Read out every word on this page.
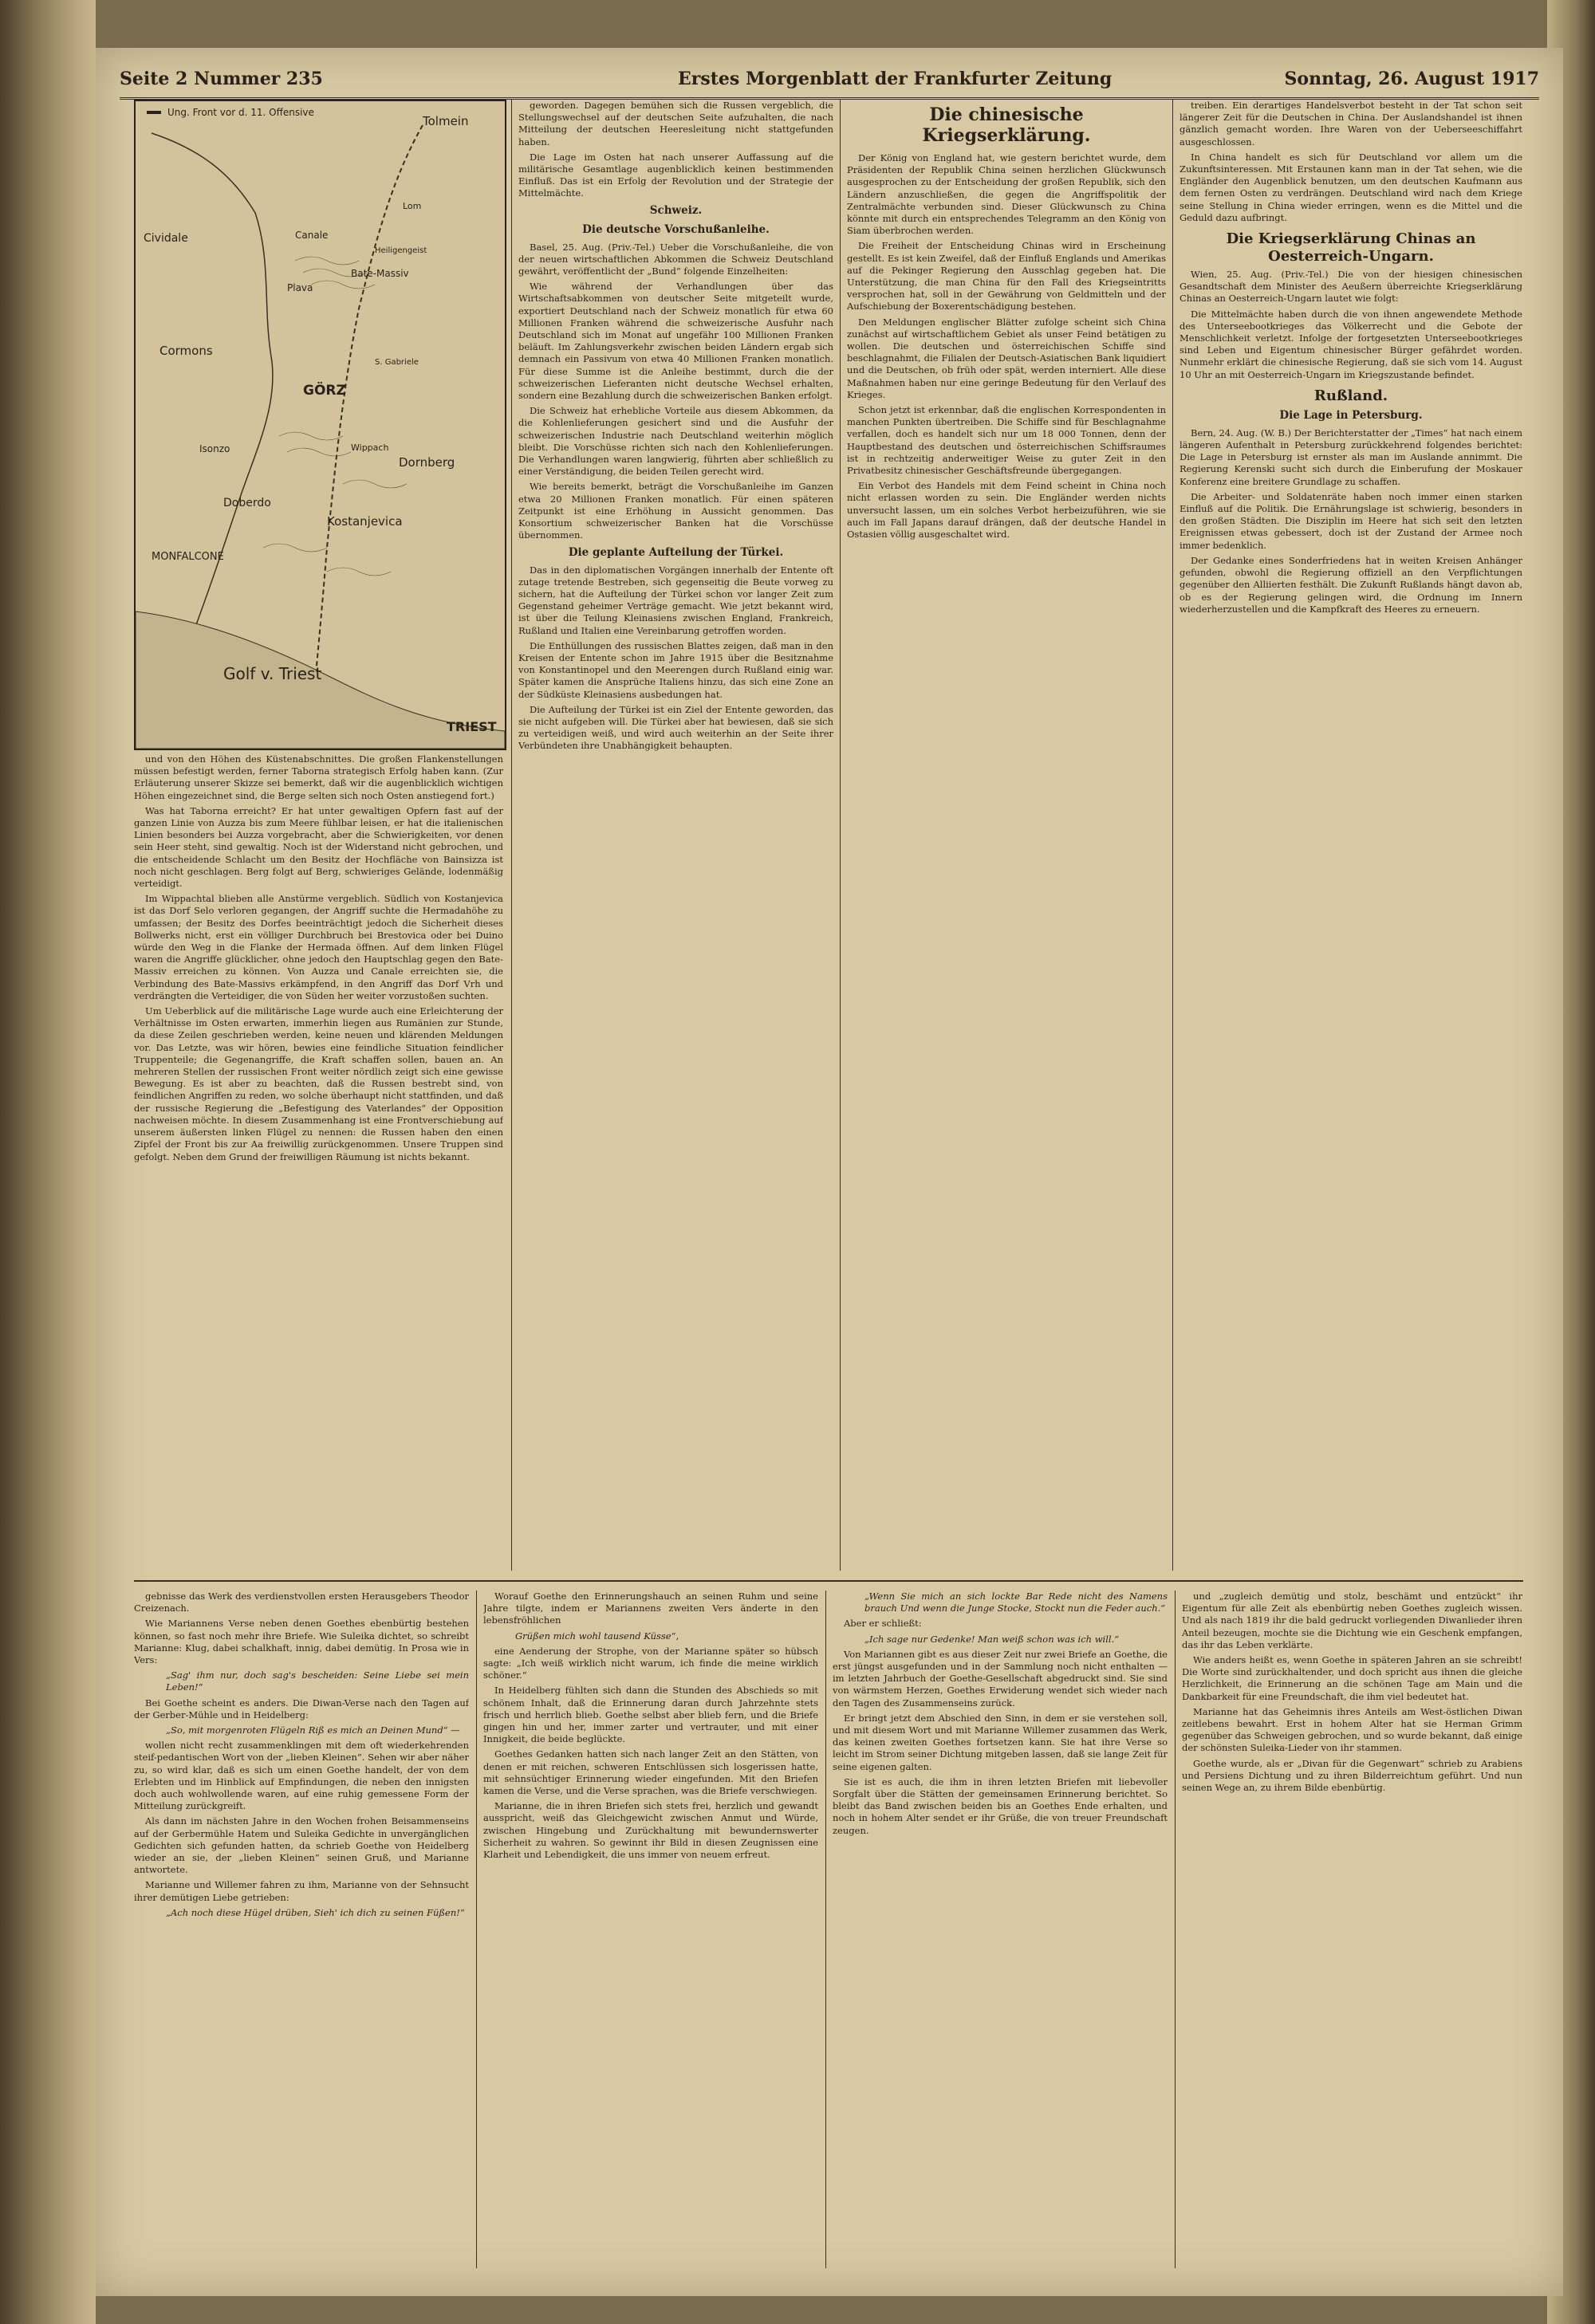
Seite 2 Nummer 235	Erstes Morgenblatt der Frankfurter Zeitung	Sonntag, 26. August 1917
Ung. Front vor d. 11. Offensive
Tolmein
Cividale	Canale
Plava
Bate-Massiv
Cormons
GÖRZ
Dornberg
Doberdo
Kostanjevica
MONFALCONE
Golf v. Triest
TRIEST
Isonzo	Wippach
Heiligengeist
S. Gabriele
Lom

und von den Höhen des Küstenabschnittes. Die großen Flankenstellungen müssen befestigt werden, ferner Taborna strategisch Erfolg haben kann. (Zur Erläuterung unserer Skizze sei bemerkt, daß wir die augenblicklich wichtigen Höhen eingezeichnet sind, die Berge selten sich noch Osten anstiegend fort.)

Was hat Taborna erreicht? Er hat unter gewaltigen Opfern fast auf der ganzen Linie von Auzza bis zum Meere fühlbar leisen, er hat die italienischen Linien besonders bei Auzza vorgebracht, aber die Schwierigkeiten, vor denen sein Heer steht, sind gewaltig. Noch ist der Widerstand nicht gebrochen, und die entscheidende Schlacht um den Besitz der Hochfläche von Bainsizza ist noch nicht geschlagen. Berg folgt auf Berg, schwieriges Gelände, lodenmäßig verteidigt.

Im Wippachtal blieben alle Anstürme vergeblich. Südlich von Kostanjevica ist das Dorf Selo verloren gegangen, der Angriff suchte die Hermadahöhe zu umfassen; der Besitz des Dorfes beeinträchtigt jedoch die Sicherheit dieses Bollwerks nicht, erst ein völliger Durchbruch bei Brestovica oder bei Duino würde den Weg in die Flanke der Hermada öffnen. Auf dem linken Flügel waren die Angriffe glücklicher, ohne jedoch den Hauptschlag gegen den Bate-Massiv erreichen zu können. Von Auzza und Canale erreichten sie, die Verbindung des Bate-Massivs erkämpfend, in den Angriff das Dorf Vrh und verdrängten die Verteidiger, die von Süden her weiter vorzustoßen suchten.

Um Ueberblick auf die militärische Lage wurde auch eine Erleichterung der Verhältnisse im Osten erwarten, immerhin liegen aus Rumänien zur Stunde, da diese Zeilen geschrieben werden, keine neuen und klärenden Meldungen vor. Das Letzte, was wir hören, bewies eine feindliche Situation feindlicher Truppenteile; die Gegenangriffe, die Kraft schaffen sollen, bauen an. An mehreren Stellen der russischen Front weiter nördlich zeigt sich eine gewisse Bewegung. Es ist aber zu beachten, daß die Russen bestrebt sind, von feindlichen Angriffen zu reden, wo solche überhaupt nicht stattfinden, und daß der russische Regierung die „Befestigung des Vaterlandes“ der Opposition nachweisen möchte. In diesem Zusammenhang ist eine Frontverschiebung auf unserem äußersten linken Flügel zu nennen: die Russen haben den einen Zipfel der Front bis zur Aa freiwillig zurückgenommen. Unsere Truppen sind gefolgt. Neben dem Grund der freiwilligen Räumung ist nichts bekannt.

geworden. Dagegen bemühen sich die Russen vergeblich, die Stellungswechsel auf der deutschen Seite aufzuhalten, die nach Mitteilung der deutschen Heeresleitung nicht stattgefunden haben.

Die Lage im Osten hat nach unserer Auffassung auf die militärische Gesamtlage augenblicklich keinen bestimmenden Einfluß. Das ist ein Erfolg der Revolution und der Strategie der Mittelmächte.

Schweiz.
Die deutsche Vorschußanleihe.

Basel, 25. Aug. (Priv.-Tel.) Ueber die Vorschußanleihe, die von der neuen wirtschaftlichen Abkommen die Schweiz Deutschland gewährt, veröffentlicht der „Bund“ folgende Einzelheiten:

Wie während der Verhandlungen über das Wirtschaftsabkommen von deutscher Seite mitgeteilt wurde, exportiert Deutschland nach der Schweiz monatlich für etwa 60 Millionen Franken während die schweizerische Ausfuhr nach Deutschland sich im Monat auf ungefähr 100 Millionen Franken beläuft. Im Zahlungsverkehr zwischen beiden Ländern ergab sich demnach ein Passivum von etwa 40 Millionen Franken monatlich. Für diese Summe ist die Anleihe bestimmt, durch die der schweizerischen Lieferanten nicht deutsche Wechsel erhalten, sondern eine Bezahlung durch die schweizerischen Banken erfolgt.

Die Schweiz hat erhebliche Vorteile aus diesem Abkommen, da die Kohlenlieferungen gesichert sind und die Ausfuhr der schweizerischen Industrie nach Deutschland weiterhin möglich bleibt. Die Vorschüsse richten sich nach den Kohlenlieferungen. Die Verhandlungen waren langwierig, führten aber schließlich zu einer Verständigung, die beiden Teilen gerecht wird.

Wie bereits bemerkt, beträgt die Vorschußanleihe im Ganzen etwa 20 Millionen Franken monatlich. Für einen späteren Zeitpunkt ist eine Erhöhung in Aussicht genommen. Das Konsortium schweizerischer Banken hat die Vorschüsse übernommen.

Die geplante Aufteilung der Türkei.

Das in den diplomatischen Vorgängen innerhalb der Entente oft zutage tretende Bestreben, sich gegenseitig die Beute vorweg zu sichern, hat die Aufteilung der Türkei schon vor langer Zeit zum Gegenstand geheimer Verträge gemacht. Wie jetzt bekannt wird, ist über die Teilung Kleinasiens zwischen England, Frankreich, Rußland und Italien eine Vereinbarung getroffen worden.

Die Enthüllungen des russischen Blattes zeigen, daß man in den Kreisen der Entente schon im Jahre 1915 über die Besitznahme von Konstantinopel und den Meerengen durch Rußland einig war. Später kamen die Ansprüche Italiens hinzu, das sich eine Zone an der Südküste Kleinasiens ausbedungen hat.

Die Aufteilung der Türkei ist ein Ziel der Entente geworden, das sie nicht aufgeben will. Die Türkei aber hat bewiesen, daß sie sich zu verteidigen weiß, und wird auch weiterhin an der Seite ihrer Verbündeten ihre Unabhängigkeit behaupten.

Die chinesische Kriegserklärung.

Der König von England hat, wie gestern berichtet wurde, dem Präsidenten der Republik China seinen herzlichen Glückwunsch ausgesprochen zu der Entscheidung der großen Republik, sich den Ländern anzuschließen, die gegen die Angriffspolitik der Zentralmächte verbunden sind. Dieser Glückwunsch zu China könnte mit durch ein entsprechendes Telegramm an den König von Siam überbrochen werden.

Die Freiheit der Entscheidung Chinas wird in Erscheinung gestellt. Es ist kein Zweifel, daß der Einfluß Englands und Amerikas auf die Pekinger Regierung den Ausschlag gegeben hat. Die Unterstützung, die man China für den Fall des Kriegseintritts versprochen hat, soll in der Gewährung von Geldmitteln und der Aufschiebung der Boxerentschädigung bestehen.

Den Meldungen englischer Blätter zufolge scheint sich China zunächst auf wirtschaftlichem Gebiet als unser Feind betätigen zu wollen. Die deutschen und österreichischen Schiffe sind beschlagnahmt, die Filialen der Deutsch-Asiatischen Bank liquidiert und die Deutschen, ob früh oder spät, werden interniert. Alle diese Maßnahmen haben nur eine geringe Bedeutung für den Verlauf des Krieges.

Schon jetzt ist erkennbar, daß die englischen Korrespondenten in manchen Punkten übertreiben. Die Schiffe sind für Beschlagnahme verfallen, doch es handelt sich nur um 18 000 Tonnen, denn der Hauptbestand des deutschen und österreichischen Schiffsraumes ist in rechtzeitig anderweitiger Weise zu guter Zeit in den Privatbesitz chinesischer Geschäftsfreunde übergegangen.

Ein Verbot des Handels mit dem Feind scheint in China noch nicht erlassen worden zu sein. Die Engländer werden nichts unversucht lassen, um ein solches Verbot herbeizuführen, wie sie auch im Fall Japans darauf drängen, daß der deutsche Handel in Ostasien völlig ausgeschaltet wird.

treiben. Ein derartiges Handelsverbot besteht in der Tat schon seit längerer Zeit für die Deutschen in China. Der Auslandshandel ist ihnen gänzlich gemacht worden. Ihre Waren von der Ueberseeschiffahrt ausgeschlossen.

In China handelt es sich für Deutschland vor allem um die Zukunftsinteressen. Mit Erstaunen kann man in der Tat sehen, wie die Engländer den Augenblick benutzen, um den deutschen Kaufmann aus dem fernen Osten zu verdrängen. Deutschland wird nach dem Kriege seine Stellung in China wieder erringen, wenn es die Mittel und die Geduld dazu aufbringt.

Die Kriegserklärung Chinas an Oesterreich-Ungarn.

Wien, 25. Aug. (Priv.-Tel.) Die von der hiesigen chinesischen Gesandtschaft dem Minister des Aeußern überreichte Kriegserklärung Chinas an Oesterreich-Ungarn lautet wie folgt:

Die Mittelmächte haben durch die von ihnen angewendete Methode des Unterseebootkrieges das Völkerrecht und die Gebote der Menschlichkeit verletzt. Infolge der fortgesetzten Unterseebootkrieges sind Leben und Eigentum chinesischer Bürger gefährdet worden. Nunmehr erklärt die chinesische Regierung, daß sie sich vom 14. August 10 Uhr an mit Oesterreich-Ungarn im Kriegszustande befindet.

Rußland.
Die Lage in Petersburg.

Bern, 24. Aug. (W. B.) Der Berichterstatter der „Times“ hat nach einem längeren Aufenthalt in Petersburg zurückkehrend folgendes berichtet: Die Lage in Petersburg ist ernster als man im Auslande annimmt. Die Regierung Kerenski sucht sich durch die Einberufung der Moskauer Konferenz eine breitere Grundlage zu schaffen.

Die Arbeiter- und Soldatenräte haben noch immer einen starken Einfluß auf die Politik. Die Ernährungslage ist schwierig, besonders in den großen Städten. Die Disziplin im Heere hat sich seit den letzten Ereignissen etwas gebessert, doch ist der Zustand der Armee noch immer bedenklich.

Der Gedanke eines Sonderfriedens hat in weiten Kreisen Anhänger gefunden, obwohl die Regierung offiziell an den Verpflichtungen gegenüber den Alliierten festhält. Die Zukunft Rußlands hängt davon ab, ob es der Regierung gelingen wird, die Ordnung im Innern wiederherzustellen und die Kampfkraft des Heeres zu erneuern.

gebnisse das Werk des verdienstvollen ersten Herausgebers Theodor Creizenach.

Wie Mariannens Verse neben denen Goethes ebenbürtig bestehen können, so fast noch mehr ihre Briefe. Wie Suleika dichtet, so schreibt Marianne: Klug, dabei schalkhaft, innig, dabei demütig. In Prosa wie in Vers:

„Sag' ihm nur, doch sag's bescheiden: Seine Liebe sei mein Leben!“

Bei Goethe scheint es anders. Die Diwan-Verse nach den Tagen auf der Gerber-Mühle und in Heidelberg:

„So, mit morgenroten Flügeln Riß es mich an Deinen Mund“ —

wollen nicht recht zusammenklingen mit dem oft wiederkehrenden steif-pedantischen Wort von der „lieben Kleinen“. Sehen wir aber näher zu, so wird klar, daß es sich um einen Goethe handelt, der von dem Erlebten und im Hinblick auf Empfindungen, die neben den innigsten doch auch wohlwollende waren, auf eine ruhig gemessene Form der Mitteilung zurückgreift.

Als dann im nächsten Jahre in den Wochen frohen Beisammenseins auf der Gerbermühle Hatem und Suleika Gedichte in unvergänglichen Gedichten sich gefunden hatten, da schrieb Goethe von Heidelberg wieder an sie, der „lieben Kleinen“ seinen Gruß, und Marianne antwortete.

Marianne und Willemer fahren zu ihm, Marianne von der Sehnsucht ihrer demütigen Liebe getrieben:

„Ach noch diese Hügel drüben, Sieh' ich dich zu seinen Füßen!“

Worauf Goethe den Erinnerungshauch an seinen Ruhm und seine Jahre tilgte, indem er Mariannens zweiten Vers änderte in den lebensfröhlichen

Grüßen mich wohl tausend Küsse“,

eine Aenderung der Strophe, von der Marianne später so hübsch sagte: „Ich weiß wirklich nicht warum, ich finde die meine wirklich schöner.“

In Heidelberg fühlten sich dann die Stunden des Abschieds so mit schönem Inhalt, daß die Erinnerung daran durch Jahrzehnte stets frisch und herrlich blieb. Goethe selbst aber blieb fern, und die Briefe gingen hin und her, immer zarter und vertrauter, und mit einer Innigkeit, die beide beglückte.

Goethes Gedanken hatten sich nach langer Zeit an den Stätten, von denen er mit reichen, schweren Entschlüssen sich losgerissen hatte, mit sehnsüchtiger Erinnerung wieder eingefunden. Mit den Briefen kamen die Verse, und die Verse sprachen, was die Briefe verschwiegen.

Marianne, die in ihren Briefen sich stets frei, herzlich und gewandt ausspricht, weiß das Gleichgewicht zwischen Anmut und Würde, zwischen Hingebung und Zurückhaltung mit bewundernswerter Sicherheit zu wahren. So gewinnt ihr Bild in diesen Zeugnissen eine Klarheit und Lebendigkeit, die uns immer von neuem erfreut.

„Wenn Sie mich an sich lockte Bar Rede nicht des Namens brauch Und wenn die Junge Stocke, Stockt nun die Feder auch.“

Aber er schließt:

„Ich sage nur Gedenke! Man weiß schon was ich will.“

Von Mariannen gibt es aus dieser Zeit nur zwei Briefe an Goethe, die erst jüngst ausgefunden und in der Sammlung noch nicht enthalten — im letzten Jahrbuch der Goethe-Gesellschaft abgedruckt sind. Sie sind von wärmstem Herzen, Goethes Erwiderung wendet sich wieder nach den Tagen des Zusammenseins zurück.

Er bringt jetzt dem Abschied den Sinn, in dem er sie verstehen soll, und mit diesem Wort und mit Marianne Willemer zusammen das Werk, das keinen zweiten Goethes fortsetzen kann. Sie hat ihre Verse so leicht im Strom seiner Dichtung mitgeben lassen, daß sie lange Zeit für seine eigenen galten.

Sie ist es auch, die ihm in ihren letzten Briefen mit liebevoller Sorgfalt über die Stätten der gemeinsamen Erinnerung berichtet. So bleibt das Band zwischen beiden bis an Goethes Ende erhalten, und noch in hohem Alter sendet er ihr Grüße, die von treuer Freundschaft zeugen.

und „zugleich demütig und stolz, beschämt und entzückt“ ihr Eigentum für alle Zeit als ebenbürtig neben Goethes zugleich wissen. Und als nach 1819 ihr die bald gedruckt vorliegenden Diwanlieder ihren Anteil bezeugen, mochte sie die Dichtung wie ein Geschenk empfangen, das ihr das Leben verklärte.

Wie anders heißt es, wenn Goethe in späteren Jahren an sie schreibt! Die Worte sind zurückhaltender, und doch spricht aus ihnen die gleiche Herzlichkeit, die Erinnerung an die schönen Tage am Main und die Dankbarkeit für eine Freundschaft, die ihm viel bedeutet hat.

Marianne hat das Geheimnis ihres Anteils am West-östlichen Diwan zeitlebens bewahrt. Erst in hohem Alter hat sie Herman Grimm gegenüber das Schweigen gebrochen, und so wurde bekannt, daß einige der schönsten Suleika-Lieder von ihr stammen.

Goethe wurde, als er „Divan für die Gegenwart“ schrieb zu Arabiens und Persiens Dichtung und zu ihren Bilderreichtum geführt. Und nun seinen Wege an, zu ihrem Bilde ebenbürtig.
